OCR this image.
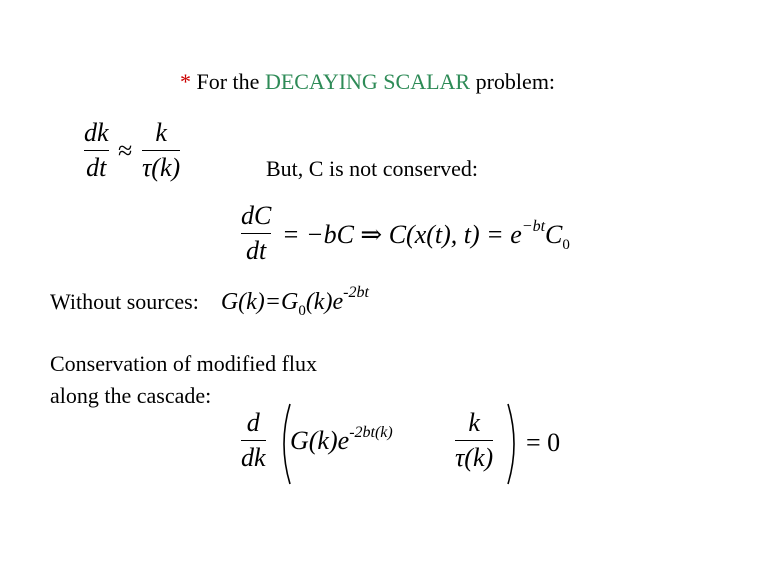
* For the DECAYING SCALAR problem:
dk
dt
≈
k
τ(k)	But, C is not conserved:
dC
dt
= −bC ⇒ C(x(t), $t) = e^{-bt}C_0$
Without sources: $G(k)=G_0(k)e^{-2bt}$
Conservation of modified flux
along the cascade:
d
dk
$G(k)e^{-2bt(k)}$	k
τ(k)
= 0
